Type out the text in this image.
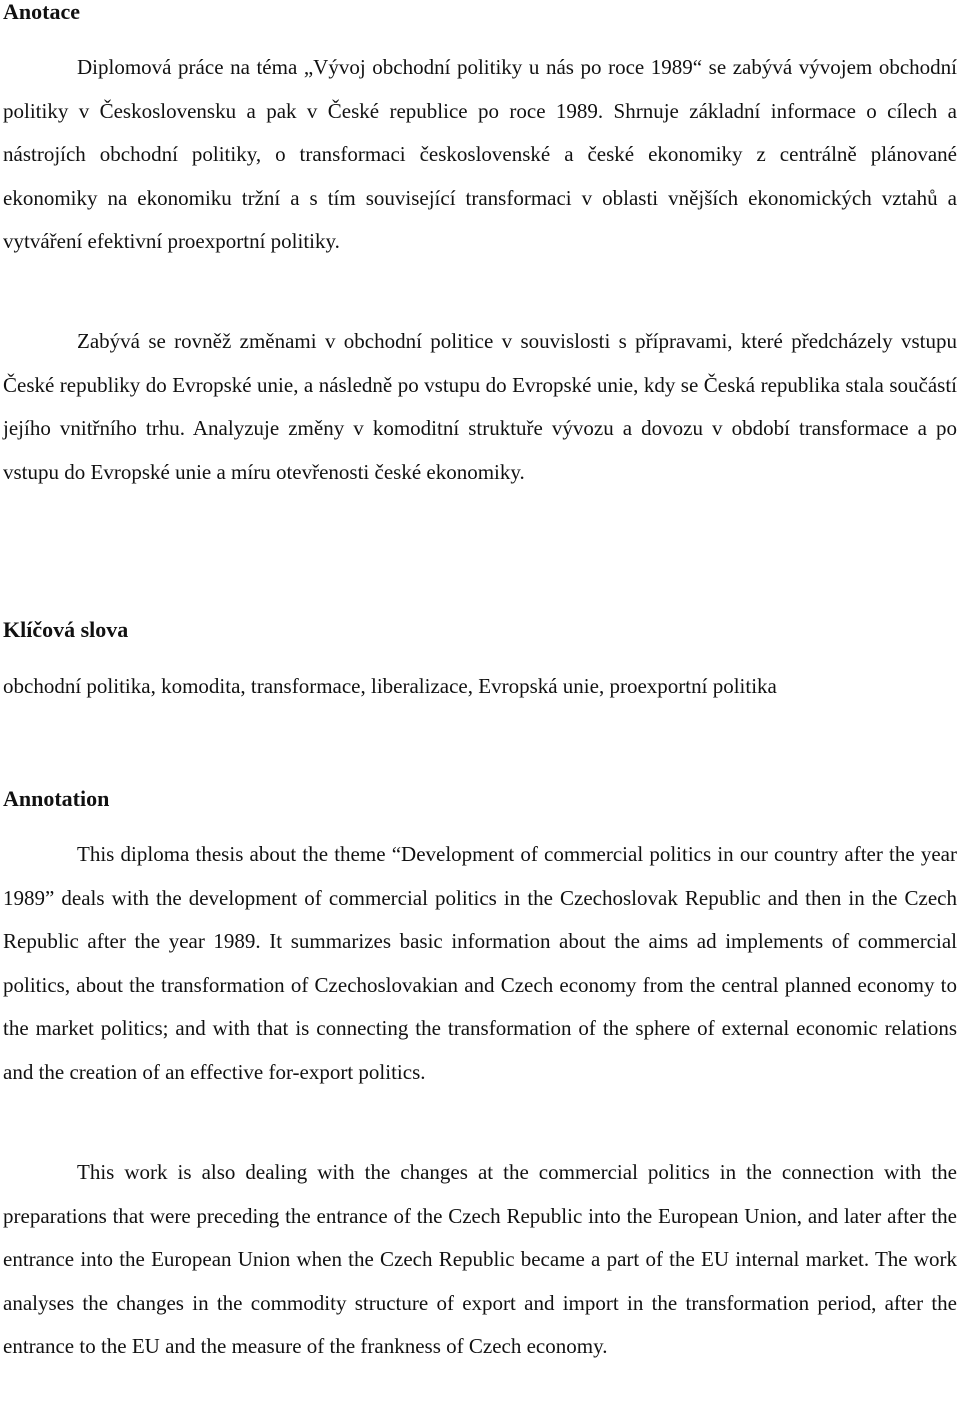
Anotace

Diplomová práce na téma „Vývoj obchodní politiky u nás po roce 1989“ se zabývá vývojem obchodní politiky v Československu a pak v České republice po roce 1989. Shrnuje základní informace o cílech a nástrojích obchodní politiky, o transformaci československé a české ekonomiky z centrálně plánované ekonomiky na ekonomiku tržní a s tím související transformaci v oblasti vnějších ekonomických vztahů a vytváření efektivní proexportní politiky.

Zabývá se rovněž změnami v obchodní politice v souvislosti s přípravami, které předcházely vstupu České republiky do Evropské unie, a následně po vstupu do Evropské unie, kdy se Česká republika stala součástí jejího vnitřního trhu. Analyzuje změny v komoditní struktuře vývozu a dovozu v období transformace a po vstupu do Evropské unie a míru otevřenosti české ekonomiky.

Klíčová slova

obchodní politika, komodita, transformace, liberalizace, Evropská unie, proexportní politika

Annotation

This diploma thesis about the theme “Development of commercial politics in our country after the year 1989” deals with the development of commercial politics in the Czechoslovak Republic and then in the Czech Republic after the year 1989. It summarizes basic information about the aims ad implements of commercial politics, about the transformation of Czechoslovakian and Czech economy from the central planned economy to the market politics; and with that is connecting the transformation of the sphere of external economic relations and the creation of an effective for-export politics.

This work is also dealing with the changes at the commercial politics in the connection with the preparations that were preceding the entrance of the Czech Republic into the European Union, and later after the entrance into the European Union when the Czech Republic became a part of the EU internal market. The work analyses the changes in the commodity structure of export and import in the transformation period, after the entrance to the EU and the measure of the frankness of Czech economy.
